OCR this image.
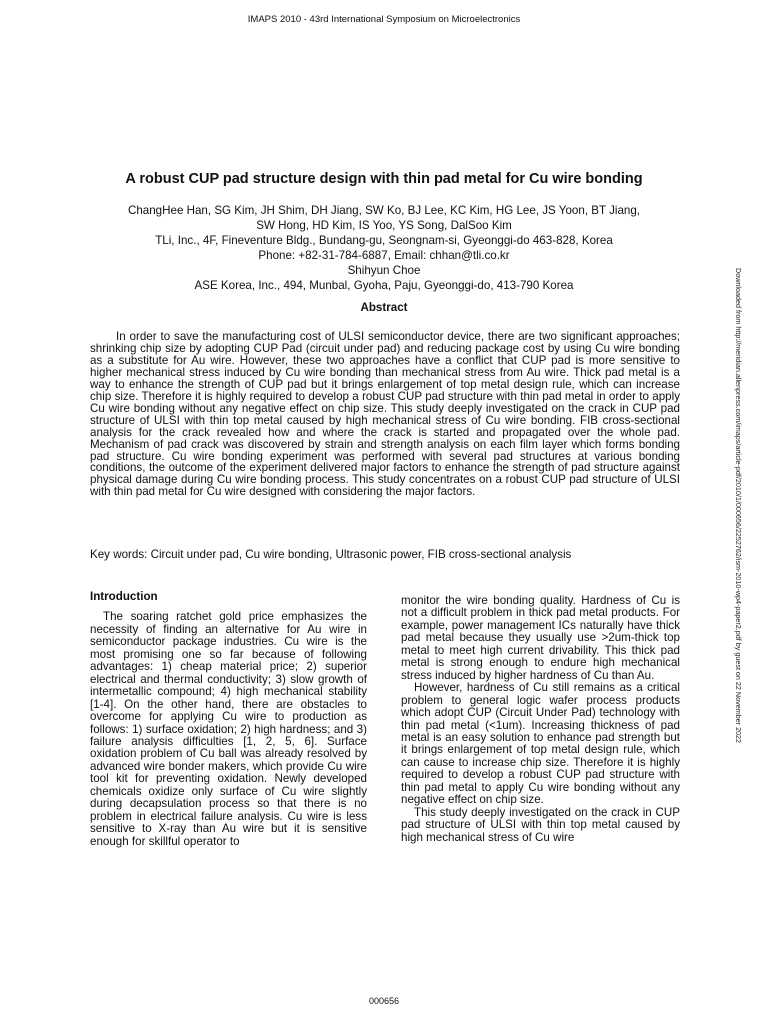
IMAPS 2010 - 43rd International Symposium on Microelectronics
A robust CUP pad structure design with thin pad metal for Cu wire bonding
ChangHee Han, SG Kim, JH Shim, DH Jiang, SW Ko, BJ Lee, KC Kim, HG Lee, JS Yoon, BT Jiang,
SW Hong, HD Kim, IS Yoo, YS Song, DalSoo Kim
TLi, Inc., 4F, Fineventure Bldg., Bundang-gu, Seongnam-si, Gyeonggi-do 463-828, Korea
Phone: +82-31-784-6887, Email: chhan@tli.co.kr
Shihyun Choe
ASE Korea, Inc., 494, Munbal, Gyoha, Paju, Gyeonggi-do, 413-790 Korea
Abstract

In order to save the manufacturing cost of ULSI semiconductor device, there are two significant approaches; shrinking chip size by adopting CUP Pad (circuit under pad) and reducing package cost by using Cu wire bonding as a substitute for Au wire. However, these two approaches have a conflict that CUP pad is more sensitive to higher mechanical stress induced by Cu wire bonding than mechanical stress from Au wire. Thick pad metal is a way to enhance the strength of CUP pad but it brings enlargement of top metal design rule, which can increase chip size. Therefore it is highly required to develop a robust CUP pad structure with thin pad metal in order to apply Cu wire bonding without any negative effect on chip size. This study deeply investigated on the crack in CUP pad structure of ULSI with thin top metal caused by high mechanical stress of Cu wire bonding. FIB cross-sectional analysis for the crack revealed how and where the crack is started and propagated over the whole pad. Mechanism of pad crack was discovered by strain and strength analysis on each film layer which forms bonding pad structure. Cu wire bonding experiment was performed with several pad structures at various bonding conditions, the outcome of the experiment delivered major factors to enhance the strength of pad structure against physical damage during Cu wire bonding process. This study concentrates on a robust CUP pad structure of ULSI with thin pad metal for Cu wire designed with considering the major factors.

Key words: Circuit under pad, Cu wire bonding, Ultrasonic power, FIB cross-sectional analysis
Introduction

The soaring ratchet gold price emphasizes the necessity of finding an alternative for Au wire in semiconductor package industries. Cu wire is the most promising one so far because of following advantages: 1) cheap material price; 2) superior electrical and thermal conductivity; 3) slow growth of intermetallic compound; 4) high mechanical stability [1-4]. On the other hand, there are obstacles to overcome for applying Cu wire to production as follows: 1) surface oxidation; 2) high hardness; and 3) failure analysis difficulties [1, 2, 5, 6]. Surface oxidation problem of Cu ball was already resolved by advanced wire bonder makers, which provide Cu wire tool kit for preventing oxidation. Newly developed chemicals oxidize only surface of Cu wire slightly during decapsulation process so that there is no problem in electrical failure analysis. Cu wire is less sensitive to X-ray than Au wire but it is sensitive enough for skillful operator to

monitor the wire bonding quality. Hardness of Cu is not a difficult problem in thick pad metal products. For example, power management ICs naturally have thick pad metal because they usually use >2um-thick top metal to meet high current drivability. This thick pad metal is strong enough to endure high mechanical stress induced by higher hardness of Cu than Au.

However, hardness of Cu still remains as a critical problem to general logic wafer process products which adopt CUP (Circuit Under Pad) technology with thin pad metal (<1um). Increasing thickness of pad metal is an easy solution to enhance pad strength but it brings enlargement of top metal design rule, which can cause to increase chip size. Therefore it is highly required to develop a robust CUP pad structure with thin pad metal to apply Cu wire bonding without any negative effect on chip size.

This study deeply investigated on the crack in CUP pad structure of ULSI with thin top metal caused by high mechanical stress of Cu wire

000656
Downloaded from http://meridian.allenpress.com/imaps/article-pdf/2010/1/000656/2252762/ism-2010-wp4-paper2.pdf by guest on 22 November 2022
